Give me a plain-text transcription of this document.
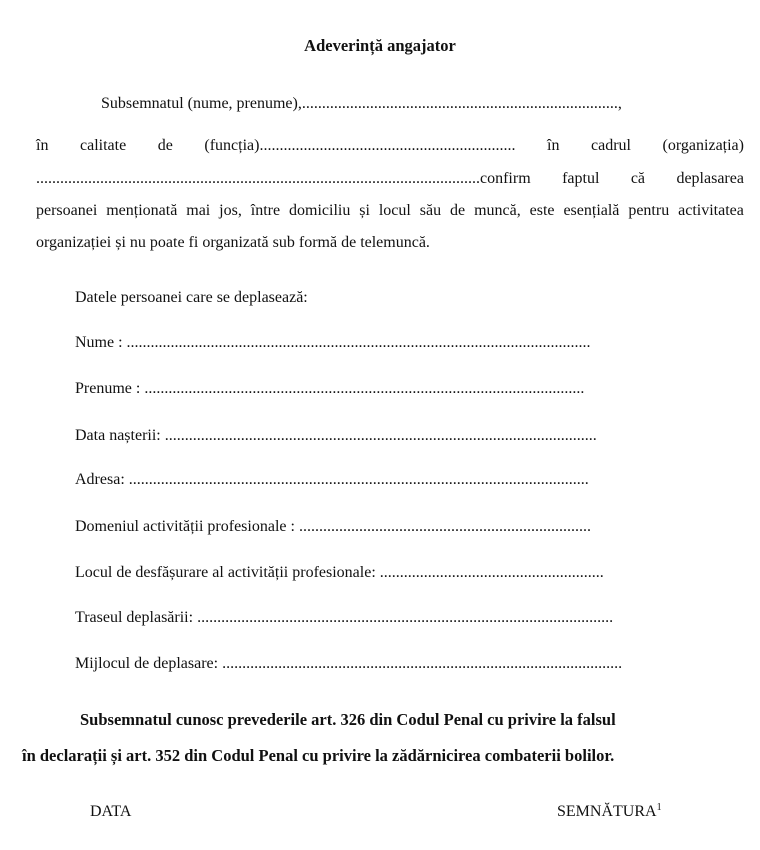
Adeverință angajator
Subsemnatul (nume, prenume),...............................................................................,
în calitate de (funcția)................................................................ în cadrul (organizația)
...............................................................................................................confirm faptul că deplasarea
persoanei menționată mai jos, între domiciliu și locul său de muncă, este esențială pentru activitatea
organizației și nu poate fi organizată sub formă de telemuncă.
Datele persoanei care se deplasează:
Nume : ....................................................................................................................
Prenume : ..............................................................................................................
Data nașterii: ............................................................................................................
Adresa: ...................................................................................................................
Domeniul activității profesionale : .........................................................................
Locul de desfășurare al activității profesionale: ........................................................
Traseul deplasării: ........................................................................................................
Mijlocul de deplasare: ....................................................................................................
Subsemnatul cunosc prevederile art. 326 din Codul Penal cu privire la falsul
în declarații și art. 352 din Codul Penal cu privire la zădărnicirea combaterii bolilor.
DATA	SEMNĂTURA$^1$
